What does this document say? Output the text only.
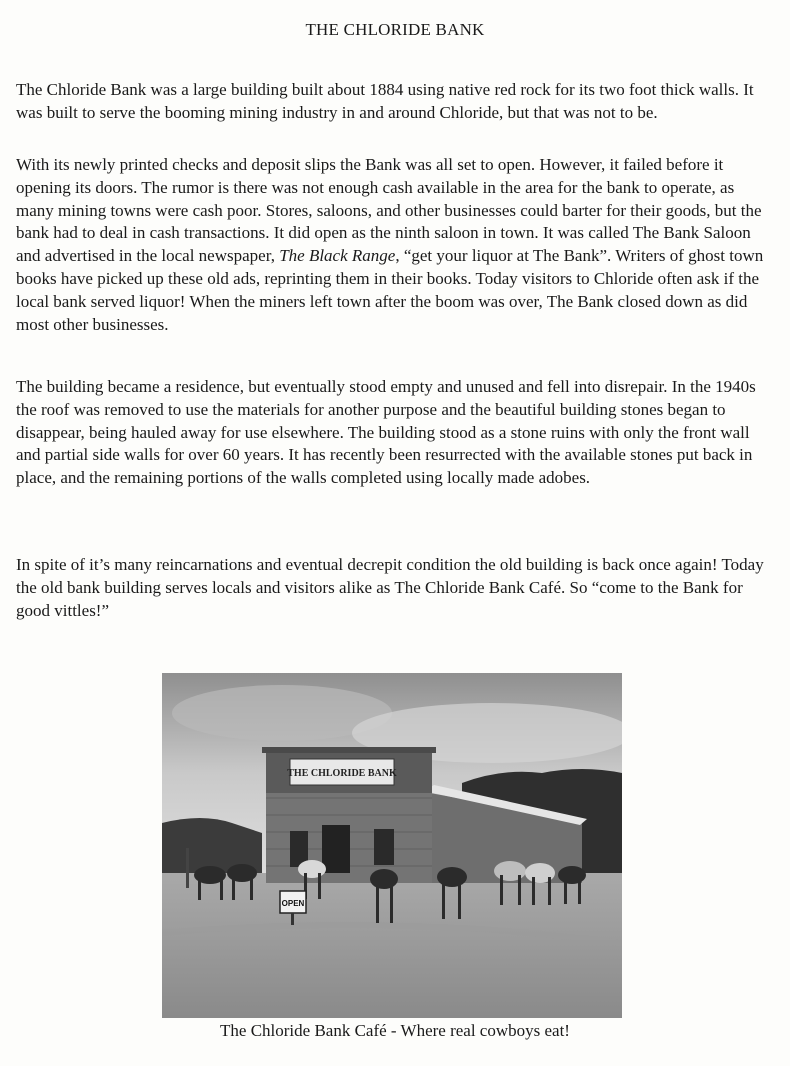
THE CHLORIDE BANK

The Chloride Bank was a large building built about 1884 using native red rock for its two foot thick walls. It was built to serve the booming mining industry in and around Chloride, but that was not to be.

With its newly printed checks and deposit slips the Bank was all set to open. However, it failed before it opening its doors. The rumor is there was not enough cash available in the area for the bank to operate, as many mining towns were cash poor. Stores, saloons, and other businesses could barter for their goods, but the bank had to deal in cash transactions. It did open as the ninth saloon in town. It was called The Bank Saloon and advertised in the local newspaper, The Black Range, “get your liquor at The Bank”. Writers of ghost town books have picked up these old ads, reprinting them in their books. Today visitors to Chloride often ask if the local bank served liquor! When the miners left town after the boom was over, The Bank closed down as did most other businesses.

The building became a residence, but eventually stood empty and unused and fell into disrepair. In the 1940s the roof was removed to use the materials for another purpose and the beautiful building stones began to disappear, being hauled away for use elsewhere. The building stood as a stone ruins with only the front wall and partial side walls for over 60 years. It has recently been resurrected with the available stones put back in place, and the remaining portions of the walls completed using locally made adobes.

In spite of it’s many reincarnations and eventual decrepit condition the old building is back once again! Today the old bank building serves locals and visitors alike as The Chloride Bank Café. So “come to the Bank for good vittles!”

THE CHLORIDE BANK
OPEN
The Chloride Bank Café - Where real cowboys eat!
